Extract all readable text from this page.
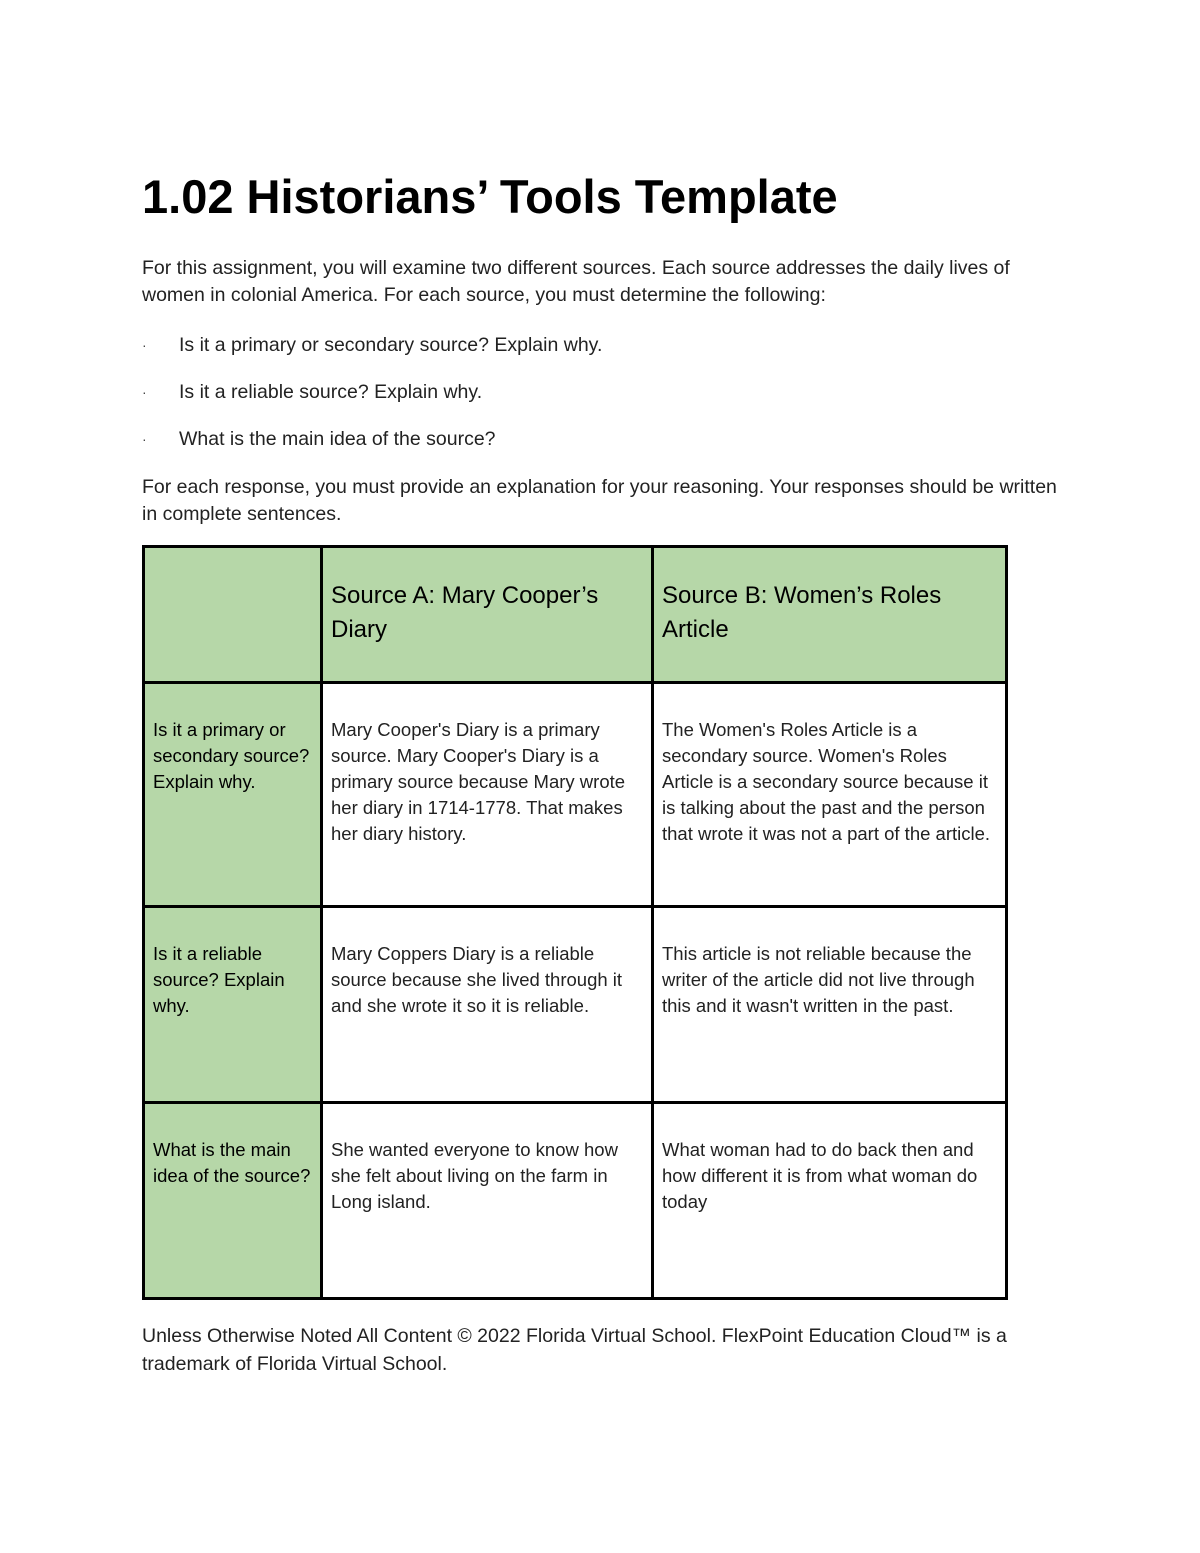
1.02 Historians’ Tools Template

For this assignment, you will examine two different sources. Each source addresses the daily lives of women in colonial America. For each source, you must determine the following:

· Is it a primary or secondary source? Explain why.
· Is it a reliable source? Explain why.
· What is the main idea of the source?

For each response, you must provide an explanation for your reasoning. Your responses should be written in complete sentences.

	Source A: Mary Cooper’s Diary	Source B: Women’s Roles Article
Is it a primary or secondary source? Explain why.	Mary Cooper's Diary is a primary source. Mary Cooper's Diary is a primary source because Mary wrote her diary in 1714-1778. That makes her diary history.	The Women's Roles Article is a secondary source. Women's Roles Article is a secondary source because it is talking about the past and the person that wrote it was not a part of the article.
Is it a reliable source? Explain why.	Mary Coppers Diary is a reliable source because she lived through it and she wrote it so it is reliable.	This article is not reliable because the writer of the article did not live through this and it wasn't written in the past.
What is the main idea of the source?	She wanted everyone to know how she felt about living on the farm in Long island.	What woman had to do back then and how different it is from what woman do today

Unless Otherwise Noted All Content © 2022 Florida Virtual School. FlexPoint Education Cloud™ is a trademark of Florida Virtual School.
